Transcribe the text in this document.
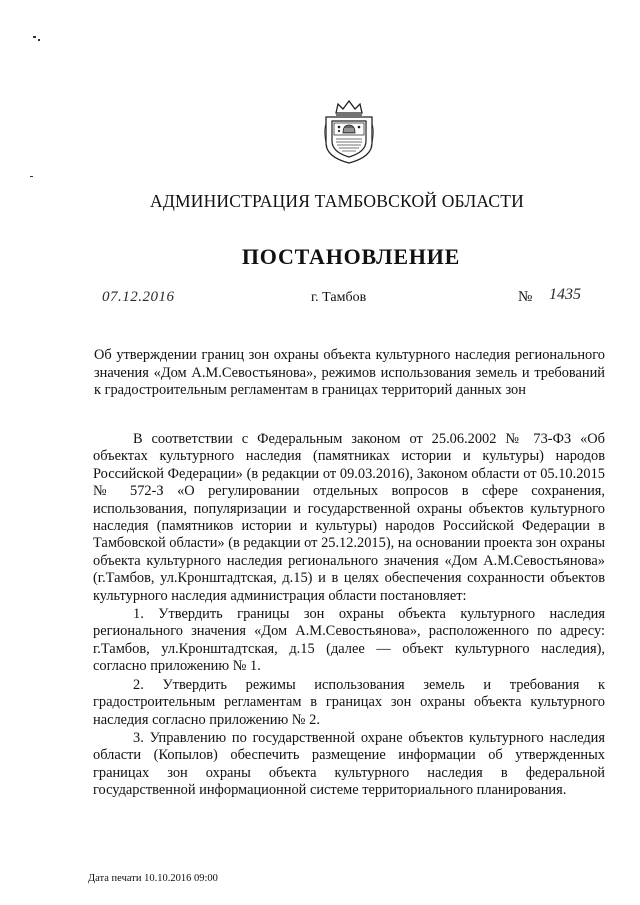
АДМИНИСТРАЦИЯ ТАМБОВСКОЙ ОБЛАСТИ
ПОСТАНОВЛЕНИЕ
07.12.2016	г. Тамбов	№ 1435
Об утверждении границ зон охраны объекта культурного наследия регионального значения «Дом А.М.Севостьянова», режимов использования земель и требований к градостроительным регламентам в границах территорий данных зон

В соответствии с Федеральным законом от 25.06.2002 № 73-ФЗ «Об объектах культурного наследия (памятниках истории и культуры) народов Российской Федерации» (в редакции от 09.03.2016), Законом области от 05.10.2015 № 572-З «О регулировании отдельных вопросов в сфере сохранения, использования, популяризации и государственной охраны объектов культурного наследия (памятников истории и культуры) народов Российской Федерации в Тамбовской области» (в редакции от 25.12.2015), на основании проекта зон охраны объекта культурного наследия регионального значения «Дом А.М.Севостьянова» (г.Тамбов, ул.Кронштадтская, д.15) и в целях обеспечения сохранности объектов культурного наследия администрация области постановляет:

1. Утвердить границы зон охраны объекта культурного наследия регионального значения «Дом А.М.Севостьянова», расположенного по адресу: г.Тамбов, ул.Кронштадтская, д.15 (далее — объект культурного наследия), согласно приложению № 1.

2. Утвердить режимы использования земель и требования к градостроительным регламентам в границах зон охраны объекта культурного наследия согласно приложению № 2.

3. Управлению по государственной охране объектов культурного наследия области (Копылов) обеспечить размещение информации об утвержденных границах зон охраны объекта культурного наследия в федеральной государственной информационной системе территориального планирования.

Дата печати 10.10.2016 09:00
